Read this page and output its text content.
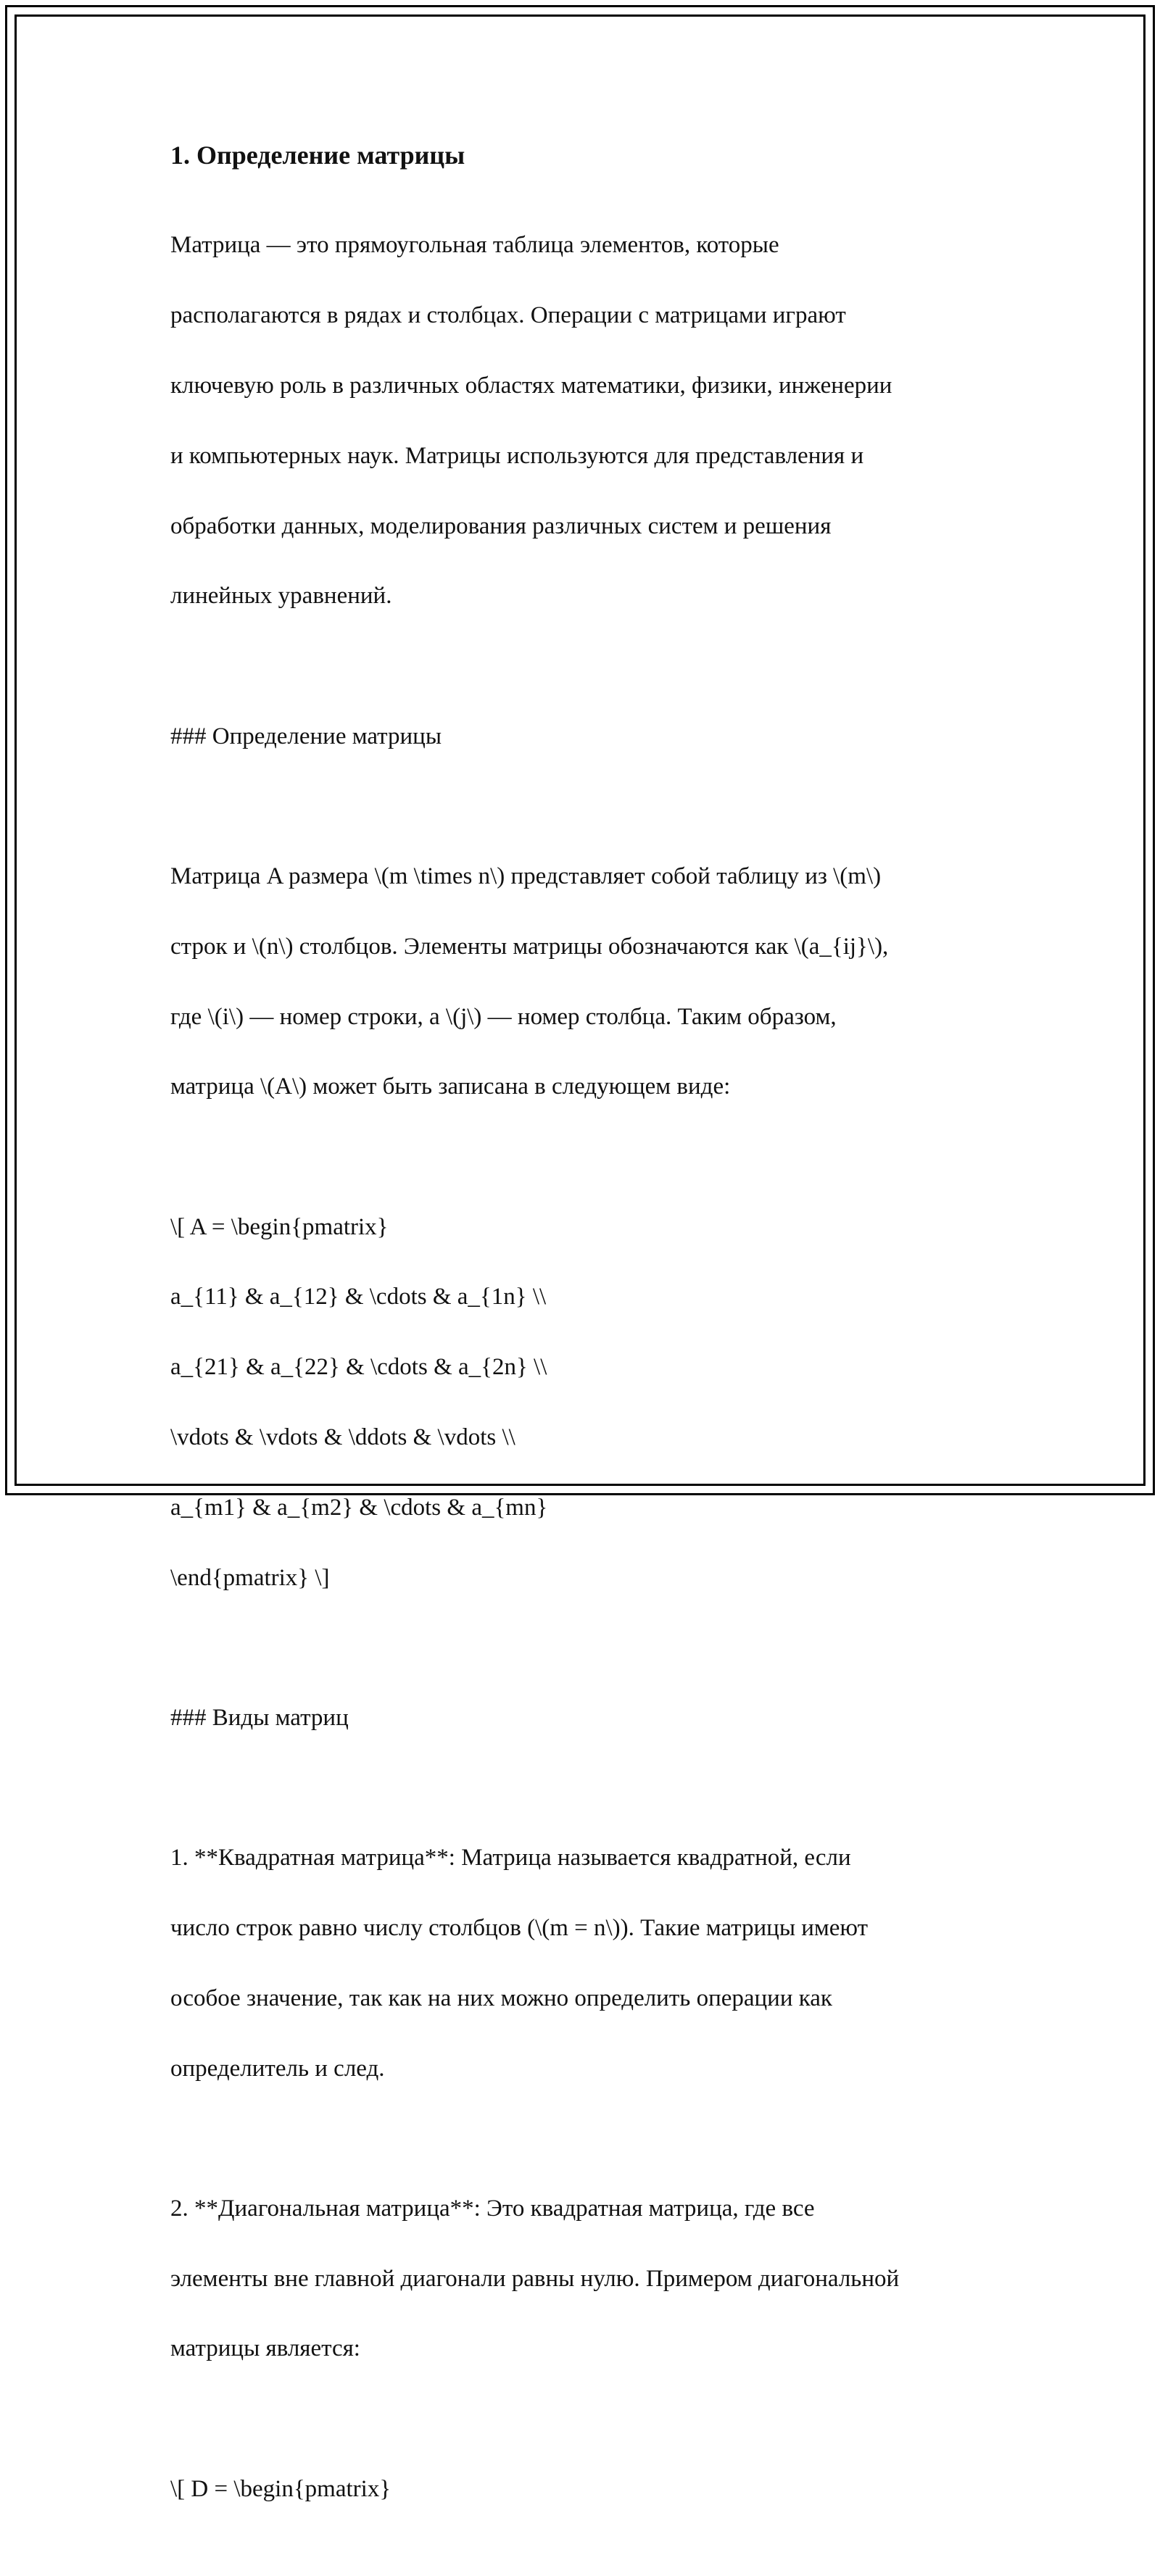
1. Определение матрицы

Матрица — это прямоугольная таблица элементов, которые

располагаются в рядах и столбцах. Операции с матрицами играют

ключевую роль в различных областях математики, физики, инженерии

и компьютерных наук. Матрицы используются для представления и

обработки данных, моделирования различных систем и решения

линейных уравнений.

### Определение матрицы

Матрица A размера \(m \times n\) представляет собой таблицу из \(m\)

строк и \(n\) столбцов. Элементы матрицы обозначаются как \(a_{ij}\),

где \(i\) — номер строки, а \(j\) — номер столбца. Таким образом,

матрица \(A\) может быть записана в следующем виде:

\[ A = \begin{pmatrix}

a_{11} & a_{12} & \cdots & a_{1n} \\

a_{21} & a_{22} & \cdots & a_{2n} \\

\vdots & \vdots & \ddots & \vdots \\

a_{m1} & a_{m2} & \cdots & a_{mn}

\end{pmatrix} \]

### Виды матриц

1. **Квадратная матрица**: Матрица называется квадратной, если

число строк равно числу столбцов (\(m = n\)). Такие матрицы имеют

особое значение, так как на них можно определить операции как

определитель и след.

2. **Диагональная матрица**: Это квадратная матрица, где все

элементы вне главной диагонали равны нулю. Примером диагональной

матрицы является:

\[ D = \begin{pmatrix}
